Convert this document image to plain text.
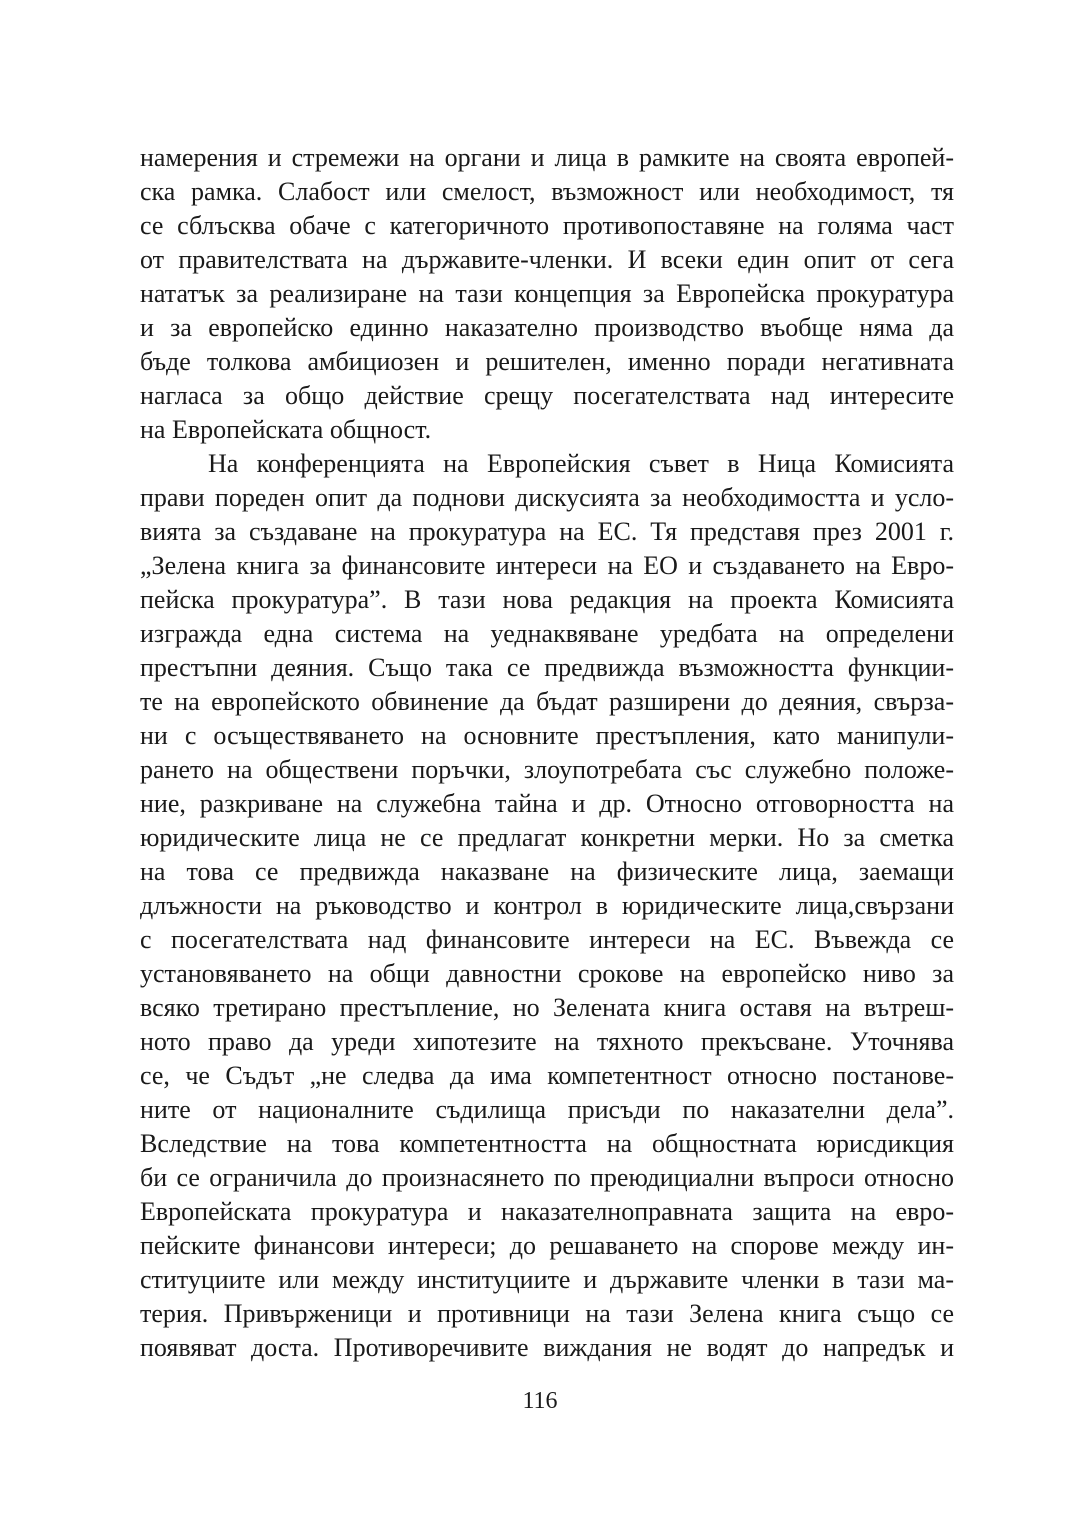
намерения и стремежи на органи и лица в рамките на своята европей-
ска рамка. Слабост или смелост, възможност или необходимост, тя
се сблъсква обаче с категоричното противопоставяне на голяма част
от правителствата на държавите-членки. И всеки един опит от сега
нататък за реализиране на тази концепция за Европейска прокуратура
и за европейско единно наказателно производство въобще няма да
бъде толкова амбициозен и решителен, именно поради негативната
нагласа за общо действие срещу посегателствата над интересите
на Европейската общност.
На конференцията на Европейския съвет в Ница Комисията
прави пореден опит да поднови дискусията за необходимостта и усло-
вията за създаване на прокуратура на ЕС. Тя представя през 2001 г.
„Зелена книга за финансовите интереси на ЕО и създаването на Евро-
пейска прокуратура”. В тази нова редакция на проекта Комисията
изгражда една система на уеднаквяване уредбата на определени
престъпни деяния. Също така се предвижда възможността функции-
те на европейското обвинение да бъдат разширени до деяния, свърза-
ни с осъществяването на основните престъпления, като манипули-
рането на обществени поръчки, злоупотребата със служебно положе-
ние, разкриване на служебна тайна и др. Относно отговорността на
юридическите лица не се предлагат конкретни мерки. Но за сметка
на това се предвижда наказване на физическите лица, заемащи
длъжности на ръководство и контрол в юридическите лица,свързани
с посегателствата над финансовите интереси на ЕС. Въвежда се
установяването на общи давностни срокове на европейско ниво за
всяко третирано престъпление, но Зелената книга оставя на вътреш-
ното право да уреди хипотезите на тяхното прекъсване. Уточнява
се, че Съдът „не следва да има компетентност относно постанове-
ните от националните съдилища присъди по наказателни дела”.
Вследствие на това компетентността на общностната юрисдикция
би се ограничила до произнасянето по преюдициални въпроси относно
Европейската прокуратура и наказателноправната защита на евро-
пейските финансови интереси; до решаването на спорове между ин-
ституциите или между институциите и държавите членки в тази ма-
терия. Привърженици и противници на тази Зелена книга също се
появяват доста. Противоречивите виждания не водят до напредък и
116
